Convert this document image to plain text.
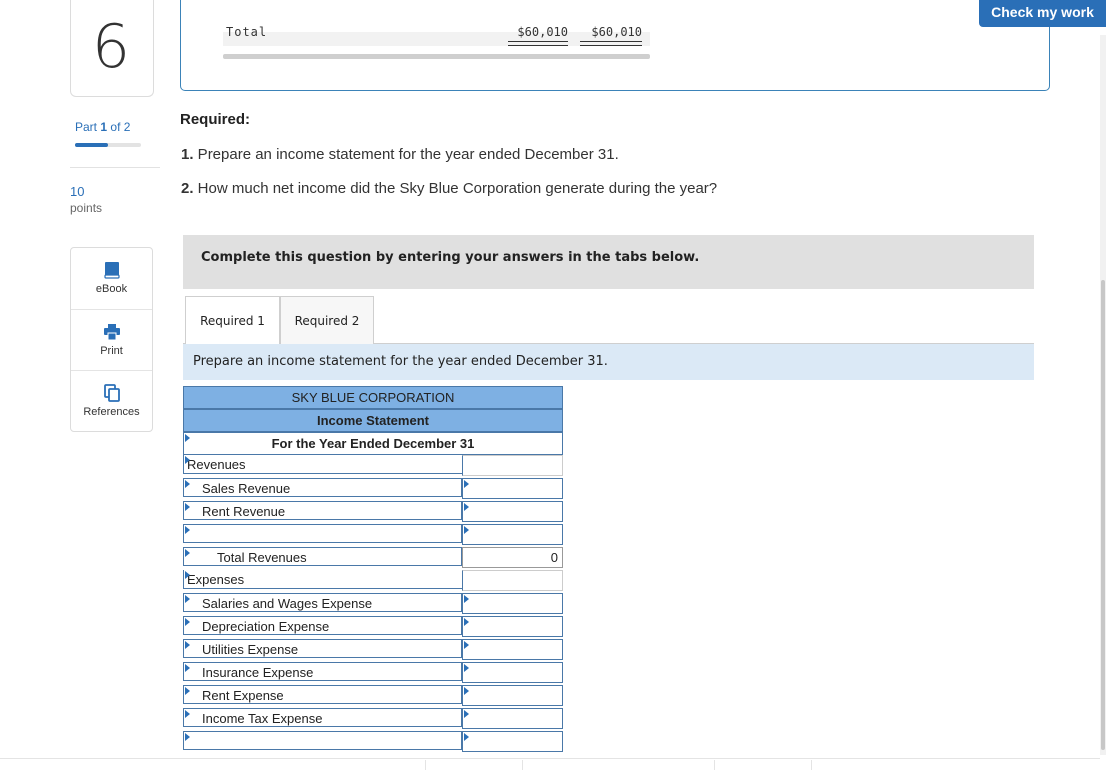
6
Part 1 of 2
10
points
eBook
Print
References
Total	$60,010	$60,010
Check my work
Required:
1. Prepare an income statement for the year ended December 31.
2. How much net income did the Sky Blue Corporation generate during the year?
Complete this question by entering your answers in the tabs below.
Required 1	Required 2
Prepare an income statement for the year ended December 31.
SKY BLUE CORPORATION
Income Statement
For the Year Ended December 31
Revenues
Sales Revenue
Rent Revenue
Total Revenues	0
Expenses
Salaries and Wages Expense
Depreciation Expense
Utilities Expense
Insurance Expense
Rent Expense
Income Tax Expense
